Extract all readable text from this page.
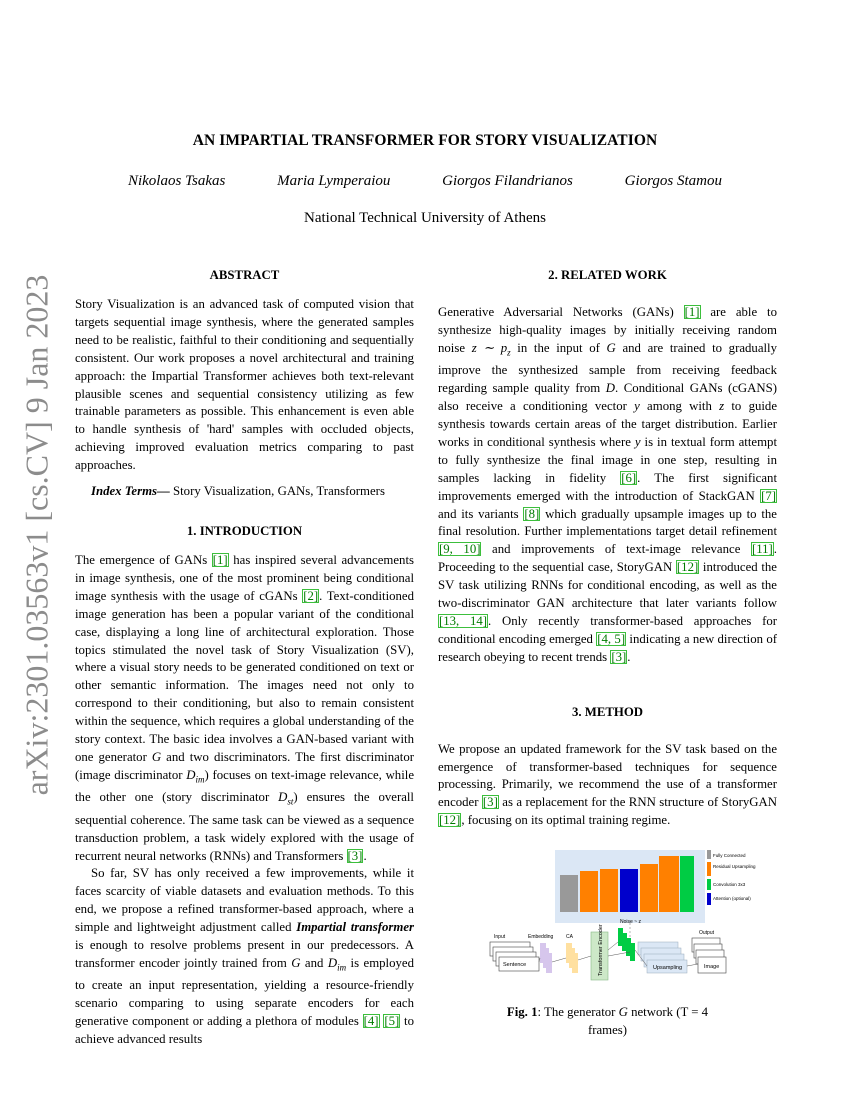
AN IMPARTIAL TRANSFORMER FOR STORY VISUALIZATION
Nikolaos Tsakas	Maria Lymperaiou	Giorgos Filandrianos	Giorgos Stamou
National Technical University of Athens
arXiv:2301.03563v1 [cs.CV] 9 Jan 2023	ABSTRACT

Story Visualization is an advanced task of computed vision that targets sequential image synthesis, where the generated samples need to be realistic, faithful to their conditioning and sequentially consistent. Our work proposes a novel architectural and training approach: the Impartial Transformer achieves both text-relevant plausible scenes and sequential consistency utilizing as few trainable parameters as possible. This enhancement is even able to handle synthesis of 'hard' samples with occluded objects, achieving improved evaluation metrics comparing to past approaches.

Index Terms— Story Visualization, GANs, Transformers

1. INTRODUCTION

The emergence of GANs [1] has inspired several advancements in image synthesis, one of the most prominent being conditional image synthesis with the usage of cGANs [2]. Text-conditioned image generation has been a popular variant of the conditional case, displaying a long line of architectural exploration. Those topics stimulated the novel task of Story Visualization (SV), where a visual story needs to be generated conditioned on text or other semantic information. The images need not only to correspond to their conditioning, but also to remain consistent within the sequence, which requires a global understanding of the story context. The basic idea involves a GAN-based variant with one generator G and two discriminators. The first discriminator (image discriminator $D_{im}$) focuses on text-image relevance, while the other one (story discriminator $D_{st}$) ensures the overall sequential coherence. The same task can be viewed as a sequence transduction problem, a task widely explored with the usage of recurrent neural networks (RNNs) and Transformers [3].

So far, SV has only received a few improvements, while it faces scarcity of viable datasets and evaluation methods. To this end, we propose a refined transformer-based approach, where a simple and lightweight adjustment called Impartial transformer is enough to resolve problems present in our predecessors. A transformer encoder jointly trained from G and $D_{im}$ is employed to create an input representation, yielding a resource-friendly scenario comparing to using separate encoders for each generative component or adding a plethora of modules [4] [5] to achieve advanced results

2. RELATED WORK

Generative Adversarial Networks (GANs) [1] are able to synthesize high-quality images by initially receiving random noise z ∼ $p_z$ in the input of G and are trained to gradually improve the synthesized sample from receiving feedback regarding sample quality from D. Conditional GANs (cGANS) also receive a conditioning vector y among with z to guide synthesis towards certain areas of the target distribution. Earlier works in conditional synthesis where y is in textual form attempt to fully synthesize the final image in one step, resulting in samples lacking in fidelity [6]. The first significant improvements emerged with the introduction of StackGAN [7] and its variants [8] which gradually upsample images up to the final resolution. Further implementations target detail refinement [9, 10] and improvements of text-image relevance [11]. Proceeding to the sequential case, StoryGAN [12] introduced the SV task utilizing RNNs for conditional encoding, as well as the two-discriminator GAN architecture that later variants follow [13, 14]. Only recently transformer-based approaches for conditional encoding emerged [4, 5] indicating a new direction of research obeying to recent trends [3].

3. METHOD

We propose an updated framework for the SV task based on the emergence of transformer-based techniques for sequence processing. Primarily, we recommend the use of a transformer encoder [3] as a replacement for the RNN structure of StoryGAN [12], focusing on its optimal training regime.

Fully Connected
Residual Upsampling
Convolution 3x3
Attention (optional)
Input
Sentence
Embedding	CA	Transformer Encoder
Noise ~ z
Upsampling
Output
Image
Fig. 1: The generator G network (T = 4 frames)
